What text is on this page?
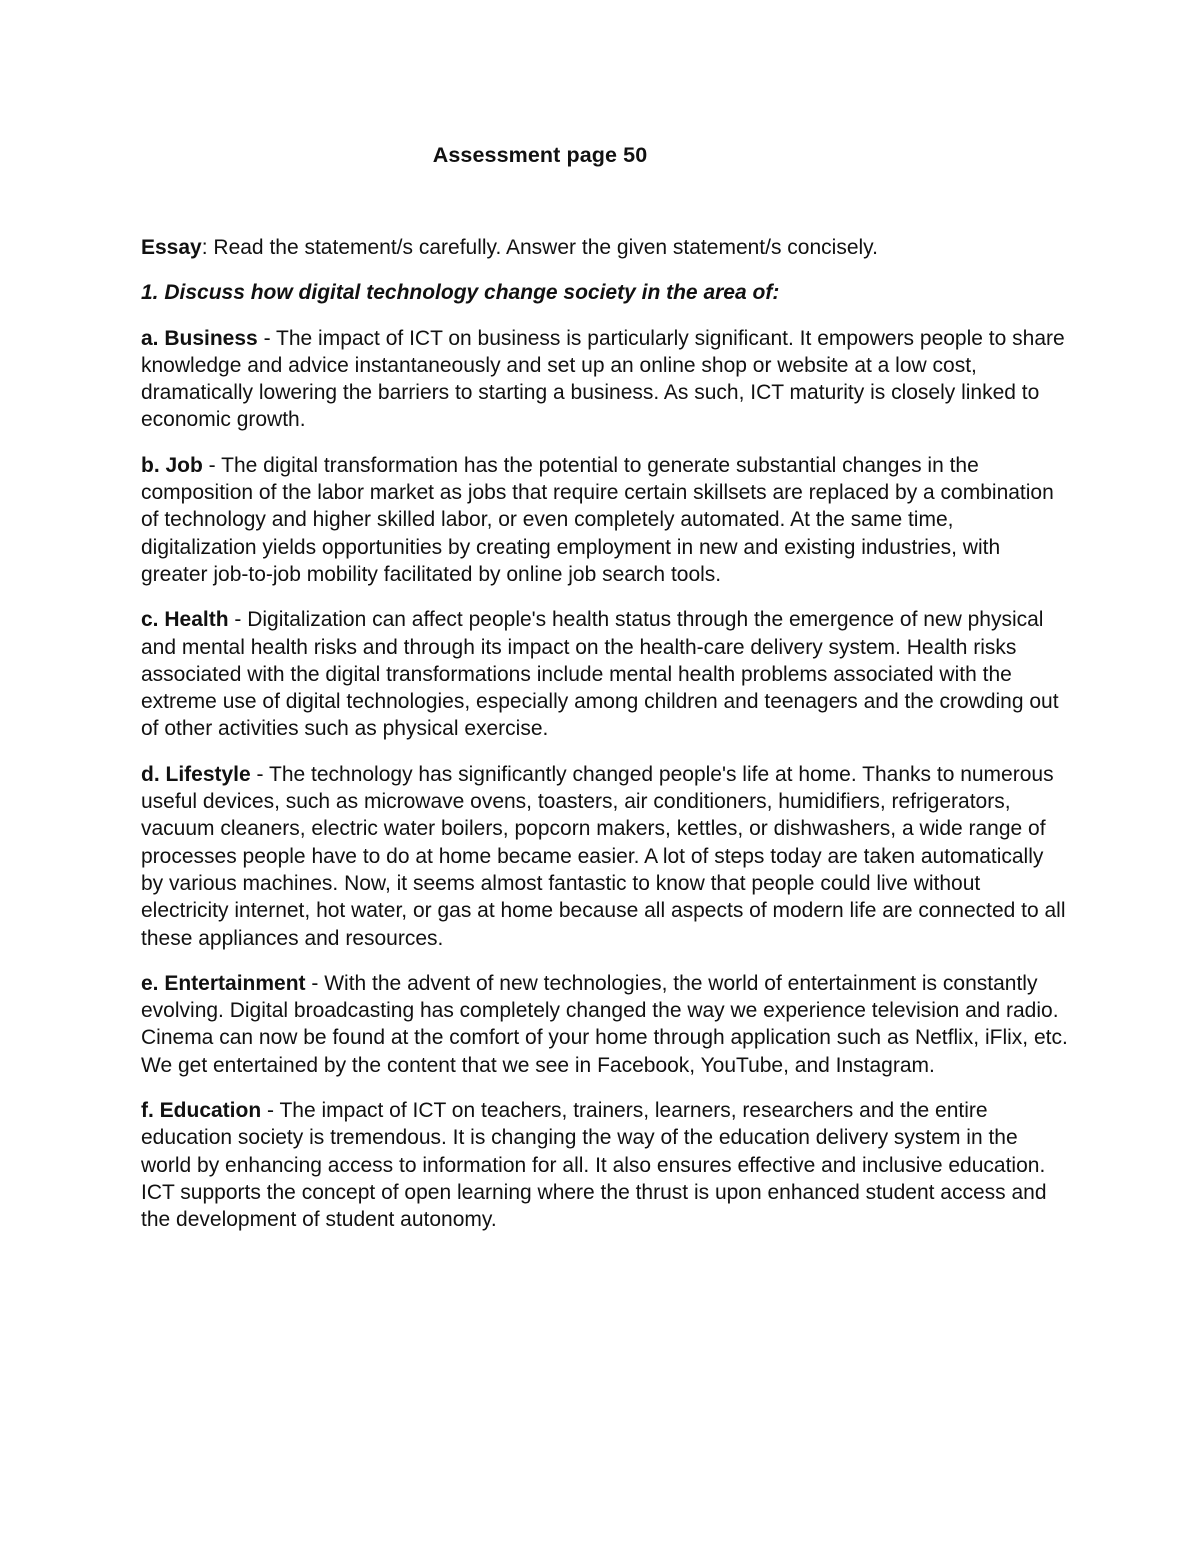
Assessment page 50

Essay: Read the statement/s carefully. Answer the given statement/s concisely.

1. Discuss how digital technology change society in the area of:

a. Business - The impact of ICT on business is particularly significant. It empowers people to share knowledge and advice instantaneously and set up an online shop or website at a low cost, dramatically lowering the barriers to starting a business. As such, ICT maturity is closely linked to economic growth.

b. Job - The digital transformation has the potential to generate substantial changes in the composition of the labor market as jobs that require certain skillsets are replaced by a combination of technology and higher skilled labor, or even completely automated. At the same time, digitalization yields opportunities by creating employment in new and existing industries, with greater job-to-job mobility facilitated by online job search tools.

c. Health - Digitalization can affect people's health status through the emergence of new physical and mental health risks and through its impact on the health-care delivery system. Health risks associated with the digital transformations include mental health problems associated with the extreme use of digital technologies, especially among children and teenagers and the crowding out of other activities such as physical exercise.

d. Lifestyle - The technology has significantly changed people's life at home. Thanks to numerous useful devices, such as microwave ovens, toasters, air conditioners, humidifiers, refrigerators, vacuum cleaners, electric water boilers, popcorn makers, kettles, or dishwashers, a wide range of processes people have to do at home became easier. A lot of steps today are taken automatically by various machines. Now, it seems almost fantastic to know that people could live without electricity internet, hot water, or gas at home because all aspects of modern life are connected to all these appliances and resources.

e. Entertainment - With the advent of new technologies, the world of entertainment is constantly evolving. Digital broadcasting has completely changed the way we experience television and radio. Cinema can now be found at the comfort of your home through application such as Netflix, iFlix, etc. We get entertained by the content that we see in Facebook, YouTube, and Instagram.

f. Education - The impact of ICT on teachers, trainers, learners, researchers and the entire education society is tremendous. It is changing the way of the education delivery system in the world by enhancing access to information for all. It also ensures effective and inclusive education. ICT supports the concept of open learning where the thrust is upon enhanced student access and the development of student autonomy.
